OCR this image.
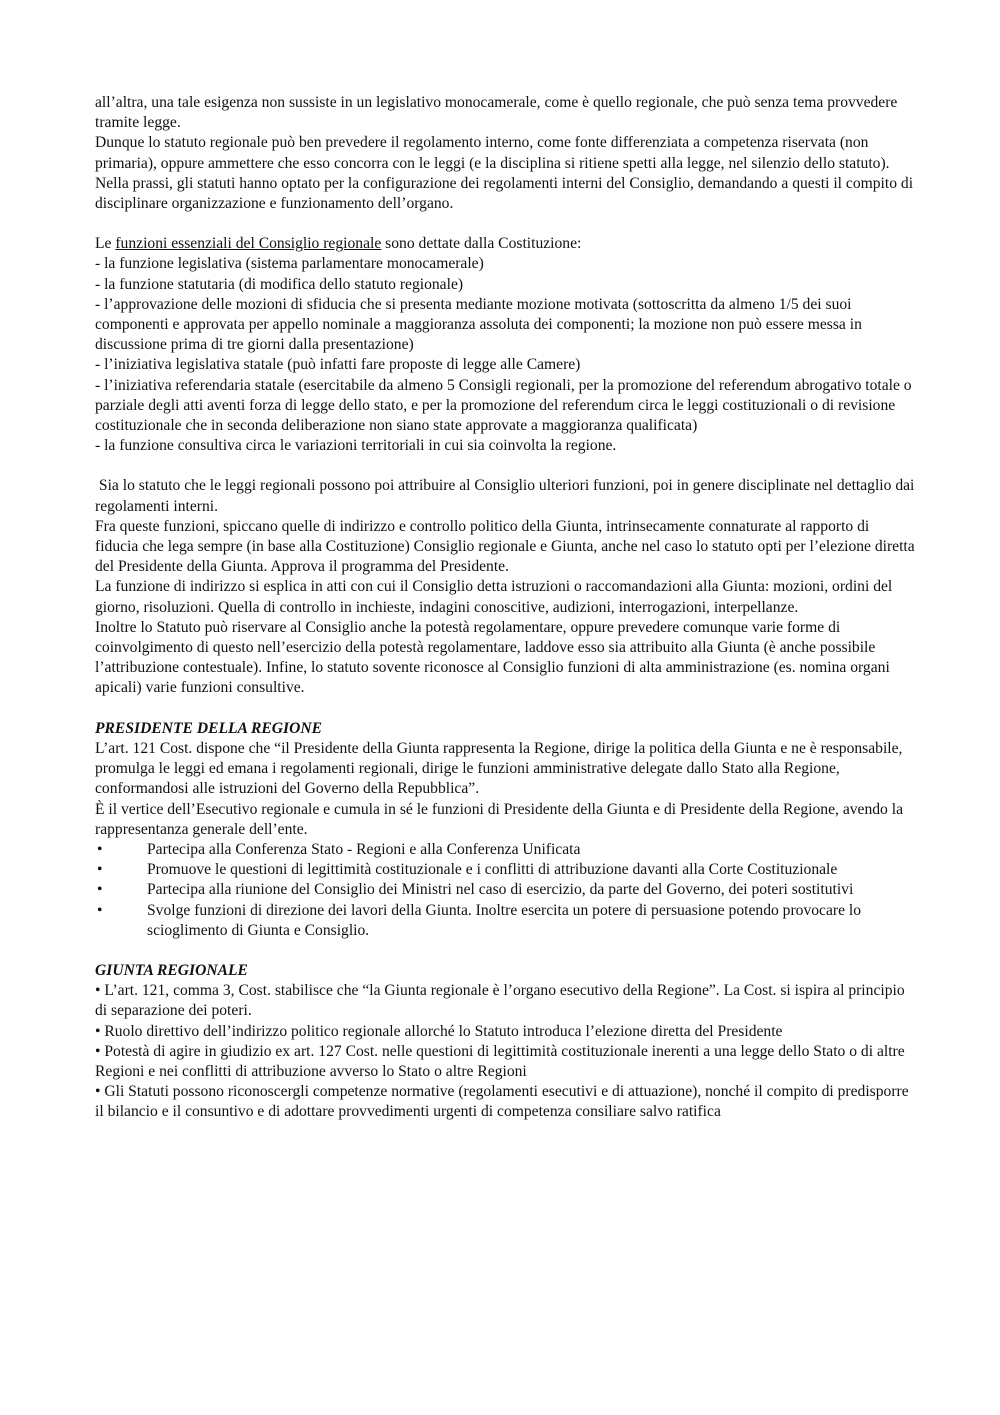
all’altra, una tale esigenza non sussiste in un legislativo monocamerale, come è quello regionale, che può senza tema provvedere tramite legge.

Dunque lo statuto regionale può ben prevedere il regolamento interno, come fonte differenziata a competenza riservata (non primaria), oppure ammettere che esso concorra con le leggi (e la disciplina si ritiene spetti alla legge, nel silenzio dello statuto).

Nella prassi, gli statuti hanno optato per la configurazione dei regolamenti interni del Consiglio, demandando a questi il compito di disciplinare organizzazione e funzionamento dell’organo.

Le funzioni essenziali del Consiglio regionale sono dettate dalla Costituzione:

- la funzione legislativa (sistema parlamentare monocamerale)

- la funzione statutaria (di modifica dello statuto regionale)

- l’approvazione delle mozioni di sfiducia che si presenta mediante mozione motivata (sottoscritta da almeno 1/5 dei suoi componenti e approvata per appello nominale a maggioranza assoluta dei componenti; la mozione non può essere messa in discussione prima di tre giorni dalla presentazione)

- l’iniziativa legislativa statale (può infatti fare proposte di legge alle Camere)

- l’iniziativa referendaria statale (esercitabile da almeno 5 Consigli regionali, per la promozione del referendum abrogativo totale o parziale degli atti aventi forza di legge dello stato, e per la promozione del referendum circa le leggi costituzionali o di revisione costituzionale che in seconda deliberazione non siano state approvate a maggioranza qualificata)

- la funzione consultiva circa le variazioni territoriali in cui sia coinvolta la regione.

Sia lo statuto che le leggi regionali possono poi attribuire al Consiglio ulteriori funzioni, poi in genere disciplinate nel dettaglio dai regolamenti interni.

Fra queste funzioni, spiccano quelle di indirizzo e controllo politico della Giunta, intrinsecamente connaturate al rapporto di fiducia che lega sempre (in base alla Costituzione) Consiglio regionale e Giunta, anche nel caso lo statuto opti per l’elezione diretta del Presidente della Giunta. Approva il programma del Presidente.

La funzione di indirizzo si esplica in atti con cui il Consiglio detta istruzioni o raccomandazioni alla Giunta: mozioni, ordini del giorno, risoluzioni. Quella di controllo in inchieste, indagini conoscitive, audizioni, interrogazioni, interpellanze.

Inoltre lo Statuto può riservare al Consiglio anche la potestà regolamentare, oppure prevedere comunque varie forme di coinvolgimento di questo nell’esercizio della potestà regolamentare, laddove esso sia attribuito alla Giunta (è anche possibile l’attribuzione contestuale). Infine, lo statuto sovente riconosce al Consiglio funzioni di alta amministrazione (es. nomina organi apicali) varie funzioni consultive.

PRESIDENTE DELLA REGIONE

L’art. 121 Cost. dispone che “il Presidente della Giunta rappresenta la Regione, dirige la politica della Giunta e ne è responsabile, promulga le leggi ed emana i regolamenti regionali, dirige le funzioni amministrative delegate dallo Stato alla Regione, conformandosi alle istruzioni del Governo della Repubblica”.

È il vertice dell’Esecutivo regionale e cumula in sé le funzioni di Presidente della Giunta e di Presidente della Regione, avendo la rappresentanza generale dell’ente.

•	Partecipa alla Conferenza Stato - Regioni e alla Conferenza Unificata
•	Promuove le questioni di legittimità costituzionale e i conflitti di attribuzione davanti alla Corte Costituzionale
•	Partecipa alla riunione del Consiglio dei Ministri nel caso di esercizio, da parte del Governo, dei poteri sostitutivi
•	Svolge funzioni di direzione dei lavori della Giunta. Inoltre esercita un potere di persuasione potendo provocare lo scioglimento di Giunta e Consiglio.

GIUNTA REGIONALE

• L’art. 121, comma 3, Cost. stabilisce che “la Giunta regionale è l’organo esecutivo della Regione”. La Cost. si ispira al principio di separazione dei poteri.

• Ruolo direttivo dell’indirizzo politico regionale allorché lo Statuto introduca l’elezione diretta del Presidente

• Potestà di agire in giudizio ex art. 127 Cost. nelle questioni di legittimità costituzionale inerenti a una legge dello Stato o di altre Regioni e nei conflitti di attribuzione avverso lo Stato o altre Regioni

• Gli Statuti possono riconoscergli competenze normative (regolamenti esecutivi e di attuazione), nonché il compito di predisporre il bilancio e il consuntivo e di adottare provvedimenti urgenti di competenza consiliare salvo ratifica
